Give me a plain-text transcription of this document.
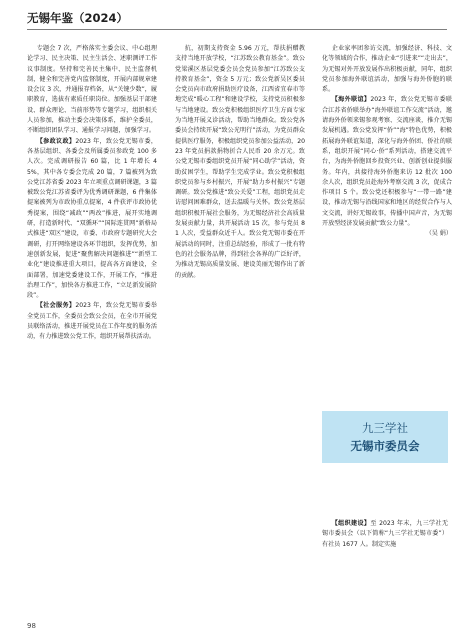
无锡年鉴（2024）

专题会 7 次，严格落实主委会议、中心组理论学习、民主决策、民主生活会、述职测评工作议事制度。坚持和完善民主集中、民主监督机制，健全和完善党内监督制度，开展内部规章建设会议 3 次，并通报存档备，从“关键少数”，履职教育，选拔有素质任职岗位。加强基层干部建设、群众理论、当前形势等专题学习，组织相关人员参加，推动主委会决策体系，维护全委员，不断组织团队学习、通报学习问题，加强学习。

【参政议政】2023 年，致公党无锡市委，各基层组织、各委会及所属委员参政党 100 多人次。完成调研报告 60 篇，比 1 年增长 45%，其中各专委会完成 20 篇，7 篇被列为致公党江苏省委 2023 年立项重点调研课题，3 篇被致公党江苏省委评为优秀调研课题，6 件集体提案被列为市政协重点提案，4 件获评市政协优秀提案，围绕“减政”“两改”推进，展开实地调研，打造新时代、“双循环”“国际连贯网”新格局式推进“双区”建设，市委、市政府专题研究大会调研，打开网络建设各环节组织，发挥优势，加速创新发展，促进“聚焦解决问题推进”“新型工业化”建设推进重大项目，提高各方面建设，全面部署，加速党委建设工作，开展工作，“推进治理工作”，加快各方推进工作，“立足新发展阶段”。

【社会服务】2023 年，致公党无锡市委举全党员工作，全委员会致公会员，在全市开展党员联络活动，推进开展党员在工作年度的服务活动，有力推进致公党工作，组织开展帮扶活动。

抗，初期支持资金 5.96 万元，帮扶捐赠教支持当地开放学校，“江苏致公教育基金”。致公党梁溪区基层党委会员会党员参加“江苏致公支持教育基金”，资金 5 万元；致公党新吴区委员会党员向市政府捐助医疗设备，江西省宜春市等地完成“暖心工程”和建设学校，支持党员积极参与当地建设。致公党积极组织医疗卫生方面专家为当地开展义诊活动，帮助当地群众。致公党各委员会持续开展“致公光明行”活动，为党员群众提供医疗服务，积极组织党员参加公益活动，2023 年党员捐款捐物折合人民币 20 余万元。致公党无锡市委组织党员开展“同心助学”活动，资助贫困学生，帮助学生完成学业。致公党积极组织党员参与乡村振兴，开展“助力乡村振兴”专题调研。致公党推进“致公关爱”工程，组织党员走访慰问困难群众，送去温暖与关怀。致公党基层组织积极开展社会服务，为无锡经济社会高质量发展贡献力量，共开展活动 15 次，参与党员 81 人次，受益群众近千人。致公党无锡市委在开展活动的同时，注重总结经验，形成了一批有特色的社会服务品牌，得到社会各界的广泛好评，为推动无锡高质量发展、建设美丽无锡作出了新的贡献。

企业家率团参访交流，加强经济、科技、文化等领域的合作，推动企业“引进来”“走出去”，为无锡对外开放发展作出积极贡献，同年，组织党员参加海外联谊活动，加强与海外侨胞的联系。

【海外联谊】2023 年，致公党无锡市委联合江苏省侨联举办“海外联谊工作交流”活动，邀请海外侨领来锡参观考察、交流座谈，推介无锡发展机遇。致公党发挥“侨”“海”特色优势，积极拓展海外联谊渠道，深化与海外侨团、侨社的联系，组织开展“同心·侨”系列活动，搭建交流平台，为海外侨胞回乡投资兴业、创新创业提供服务。年内，共接待海外侨胞来访 12 批次 100 余人次，组织党员赴海外考察交流 3 次，促成合作项目 5 个。致公党还积极参与“一带一路”建设，推动无锡与沿线国家和地区的经贸合作与人文交流，讲好无锡故事，传播中国声音，为无锡开放型经济发展贡献“致公力量”。

（吴 娟）

九三学社
无锡市委员会

【组织建设】至 2023 年末，九三学社无锡市委员会（以下简称“九三学社无锡市委”）有社员 1677 人。制定实施

98
